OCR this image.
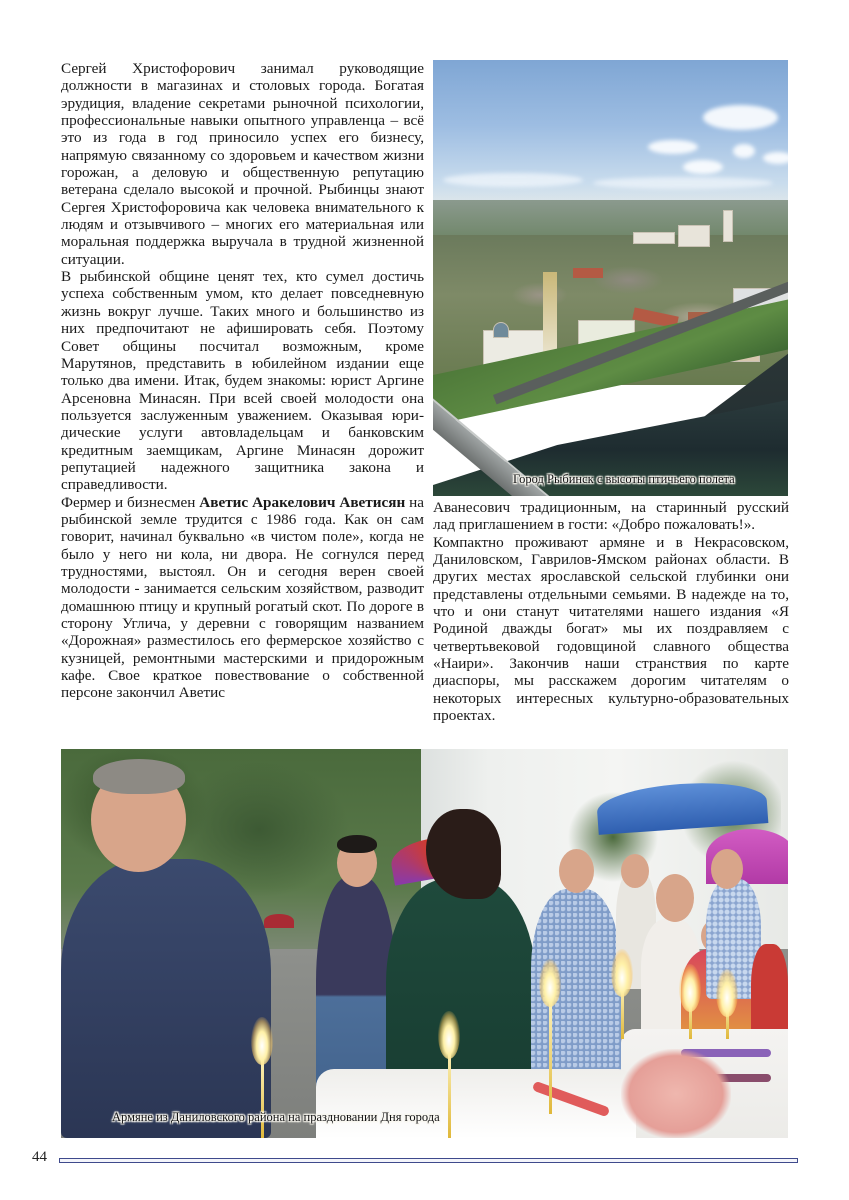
Сергей Христофорович занимал руководящие должности в магазинах и столовых города. Богатая эрудиция, владение секретами рыночной психологии, профессиональные навыки опытного управленца – всё это из года в год приносило успех его бизнесу, напрямую связанному со здоровьем и качеством жизни горожан, а деловую и общественную репутацию ветерана сделало высокой и прочной. Рыбинцы знают Сергея Христофоровича как человека внимательного к людям и отзывчивого – многих его материальная или моральная поддержка выручала в трудной жизненной ситуации.

В рыбинской общине ценят тех, кто сумел достичь успеха собственным умом, кто делает повседневную жизнь вокруг лучше. Таких много и большинство из них предпочитают не афишировать себя. Поэтому Совет общины посчитал возможным, кроме Марутянов, представить в юбилейном издании еще только два имени. Итак, будем знакомы: юрист Аргине Арсеновна Минасян. При всей своей молодости она пользуется заслуженным уважением. Оказывая юридические услуги автовладельцам и банковским кредитным заемщикам, Аргине Минасян дорожит репутацией надежного защитника закона и справедливости.

Фермер и бизнесмен Аветис Аракелович Аветисян на рыбинской земле трудится с 1986 года. Как он сам говорит, начинал буквально «в чистом поле», когда не было у него ни кола, ни двора. Не согнулся перед трудностями, выстоял. Он и сегодня верен своей молодости - занимается сельским хозяйством, разводит домашнюю птицу и крупный рогатый скот. По дороге в сторону Углича, у деревни с говорящим названием «Дорожная» разместилось его фермерское хозяйство с кузницей, ремонтными мастерскими и придорожным кафе. Свое краткое повествование о собственной персоне закончил Аветис

Город Рыбинск с высоты птичьего полета

Аванесович традиционным, на старинный русский лад приглашением в гости: «Добро пожаловать!».

Компактно проживают армяне и в Некрасовском, Даниловском, Гаврилов-Ямском районах области. В других местах ярославской сельской глубинки они представлены отдельными семьями. В надежде на то, что и они станут читателями нашего издания «Я Родиной дважды богат» мы их поздравляем с четвертьвековой годовщиной славного общества «Наири». Закончив наши странствия по карте диаспоры, мы расскажем дорогим читателям о некоторых интересных культурно-образовательных проектах.

Армяне из Даниловского района на праздновании Дня города
44
